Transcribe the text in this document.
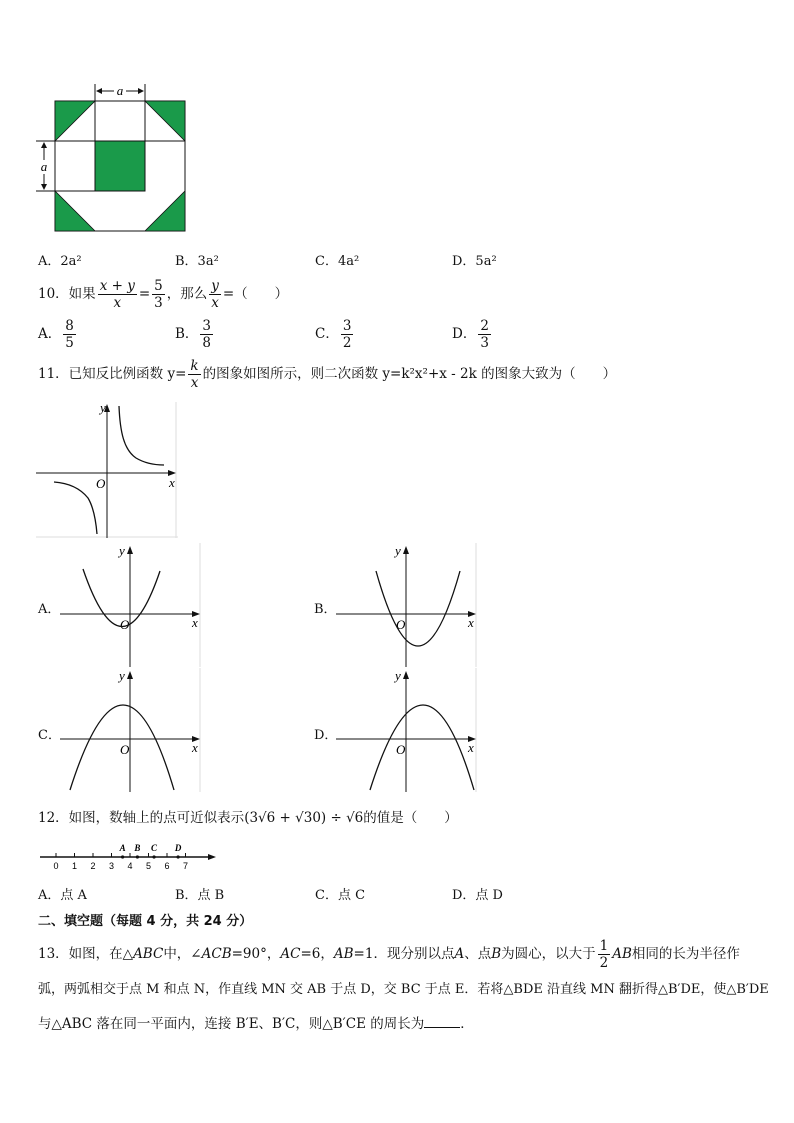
a
a
A．2a²	B．3a²	C．4a²	D．5a²
10．如果 $\frac{x + y}{x} = \frac{5}{3}$ ，那么 $\frac{y}{x}$ =（　　）
A． $\frac{8}{5}$	B． $\frac{3}{8}$	C． $\frac{3}{2}$	D． $\frac{2}{3}$
11．已知反比例函数 $y= \frac{k}{x}$ 的图象如图所示，则二次函数 y=k²x²+x - 2k 的图象大致为（　　）
y
x
O
A．
y
x
O
B．
y
x
O
C．
y
x
O
D．
y
x
O
12．如图，数轴上的点可近似表示(3√6 + √30) ÷ √6的值是（　　）
0 1 2 3 4 5 6 7
A B C D
A．点 A	B．点 B	C．点 C	D．点 D
二、填空题（每题 4 分，共 24 分）
13．如图，在△ABC中，∠ACB=90°，AC=6，AB=1．现分别以点A、点B为圆心，以大于 $\frac{1}{2}$ AB相同的长为半径作
弧，两弧相交于点 M 和点 N，作直线 MN 交 AB 于点 D，交 BC 于点 E．若将△BDE 沿直线 MN 翻折得△B′DE，使△B′DE
与△ABC 落在同一平面内，连接 B′E、B′C，则△B′CE 的周长为	．
